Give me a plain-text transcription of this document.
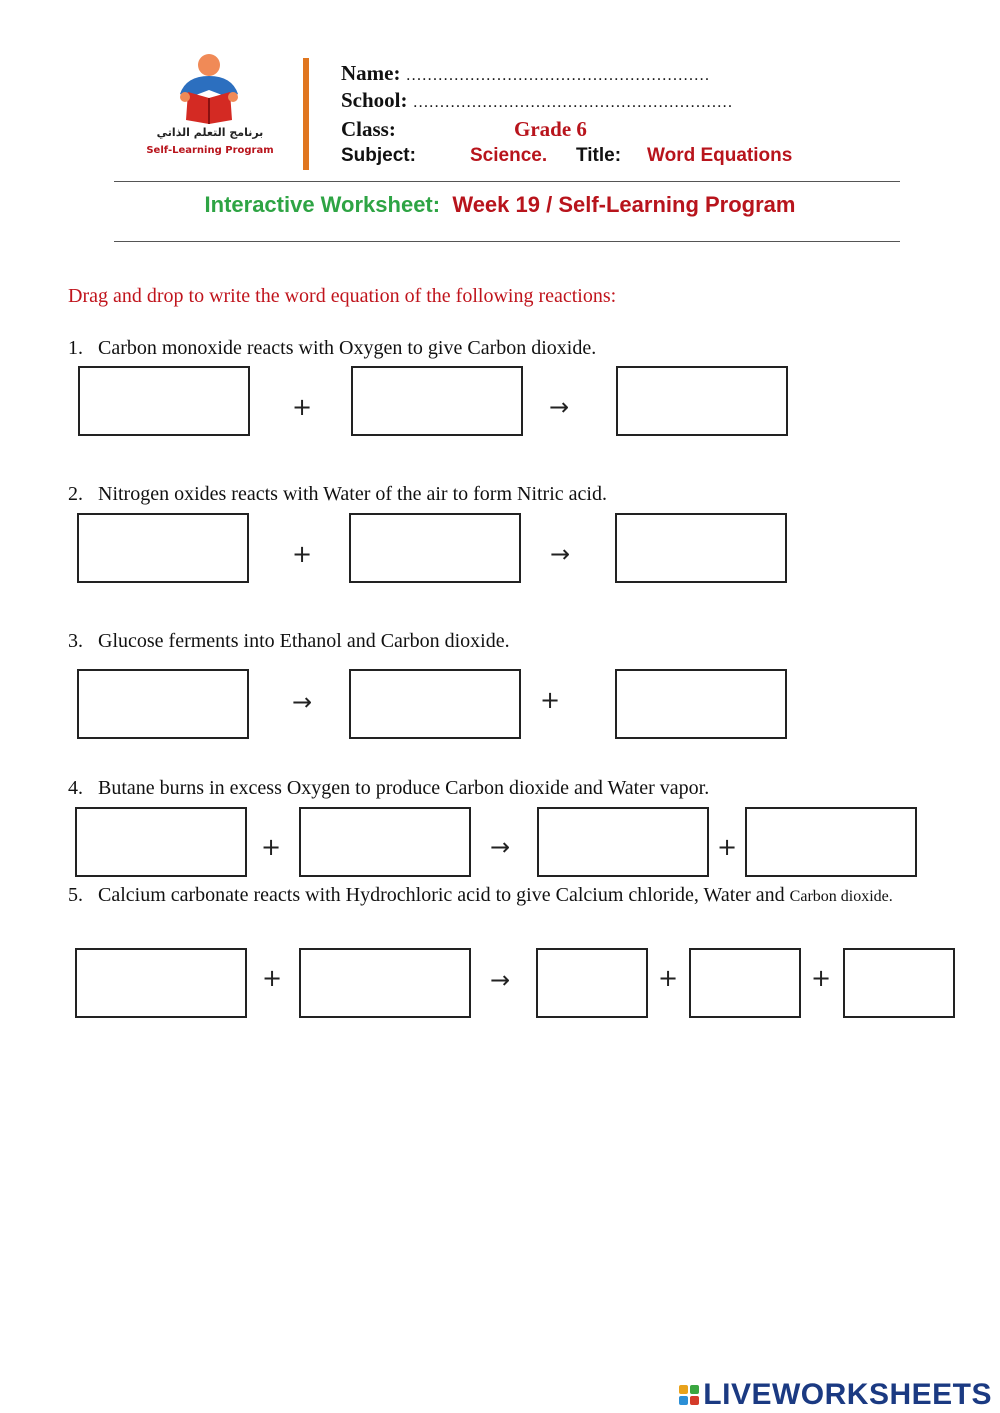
برنامج التعلم الذاتي
Self-Learning Program
Name: …………………………………………………
School: ……………………………………………………
Class:	Grade 6
Subject:	Science. Title: Word Equations
Interactive Worksheet: Week 19 / Self-Learning Program
Drag and drop to write the word equation of the following reactions:
1. Carbon monoxide reacts with Oxygen to give Carbon dioxide.
+	→
2. Nitrogen oxides reacts with Water of the air to form Nitric acid.
+	→
3. Glucose ferments into Ethanol and Carbon dioxide.
→	+
4. Butane burns in excess Oxygen to produce Carbon dioxide and Water vapor.
+	→	+
5. Calcium carbonate reacts with Hydrochloric acid to give Calcium chloride, Water and Carbon dioxide.
+	→	+	+
LIVEWORKSHEETS
